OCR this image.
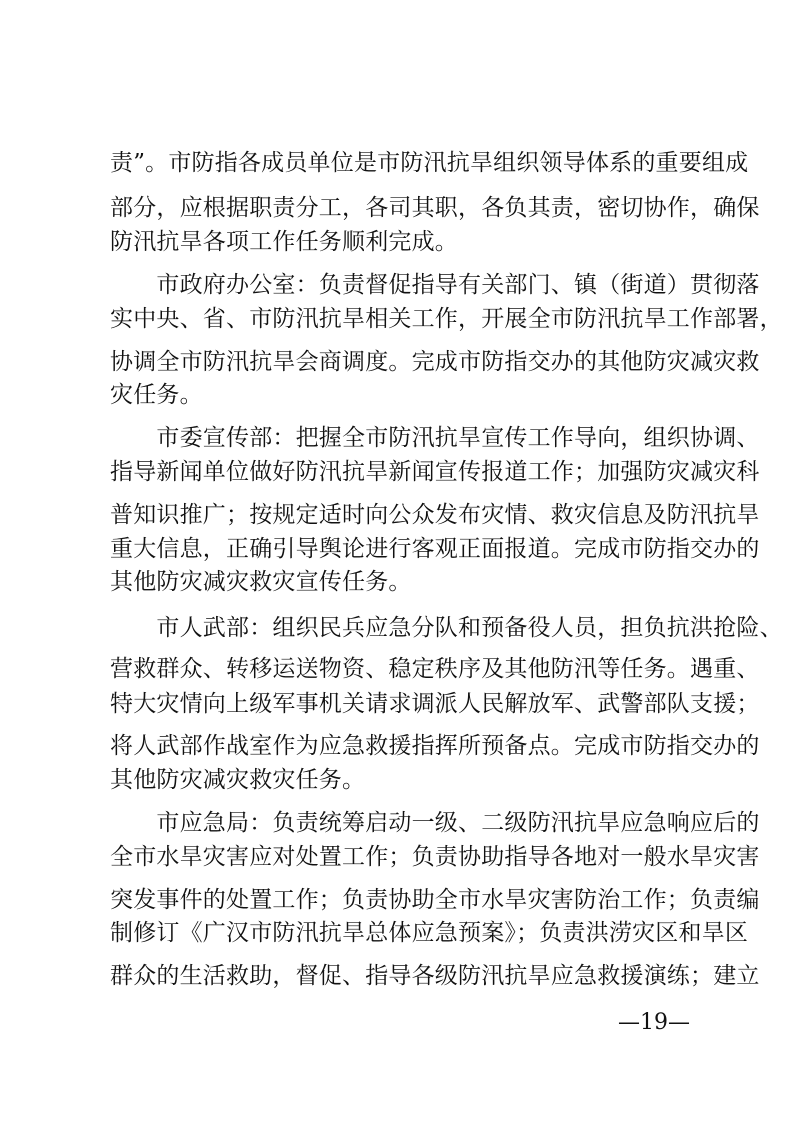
责”。市防指各成员单位是市防汛抗旱组织领导体系的重要组成
部分，应根据职责分工，各司其职，各负其责，密切协作，确保
防汛抗旱各项工作任务顺利完成。
　　市政府办公室：负责督促指导有关部门、镇（街道）贯彻落
实中央、省、市防汛抗旱相关工作，开展全市防汛抗旱工作部署，
协调全市防汛抗旱会商调度。完成市防指交办的其他防灾减灾救
灾任务。
　　市委宣传部：把握全市防汛抗旱宣传工作导向，组织协调、
指导新闻单位做好防汛抗旱新闻宣传报道工作；加强防灾减灾科
普知识推广；按规定适时向公众发布灾情、救灾信息及防汛抗旱
重大信息，正确引导舆论进行客观正面报道。完成市防指交办的
其他防灾减灾救灾宣传任务。
　　市人武部：组织民兵应急分队和预备役人员，担负抗洪抢险、
营救群众、转移运送物资、稳定秩序及其他防汛等任务。遇重、
特大灾情向上级军事机关请求调派人民解放军、武警部队支援；
将人武部作战室作为应急救援指挥所预备点。完成市防指交办的
其他防灾减灾救灾任务。
　　市应急局：负责统筹启动一级、二级防汛抗旱应急响应后的
全市水旱灾害应对处置工作；负责协助指导各地对一般水旱灾害
突发事件的处置工作；负责协助全市水旱灾害防治工作；负责编
制修订《广汉市防汛抗旱总体应急预案》；负责洪涝灾区和旱区
群众的生活救助，督促、指导各级防汛抗旱应急救援演练；建立
—19—
